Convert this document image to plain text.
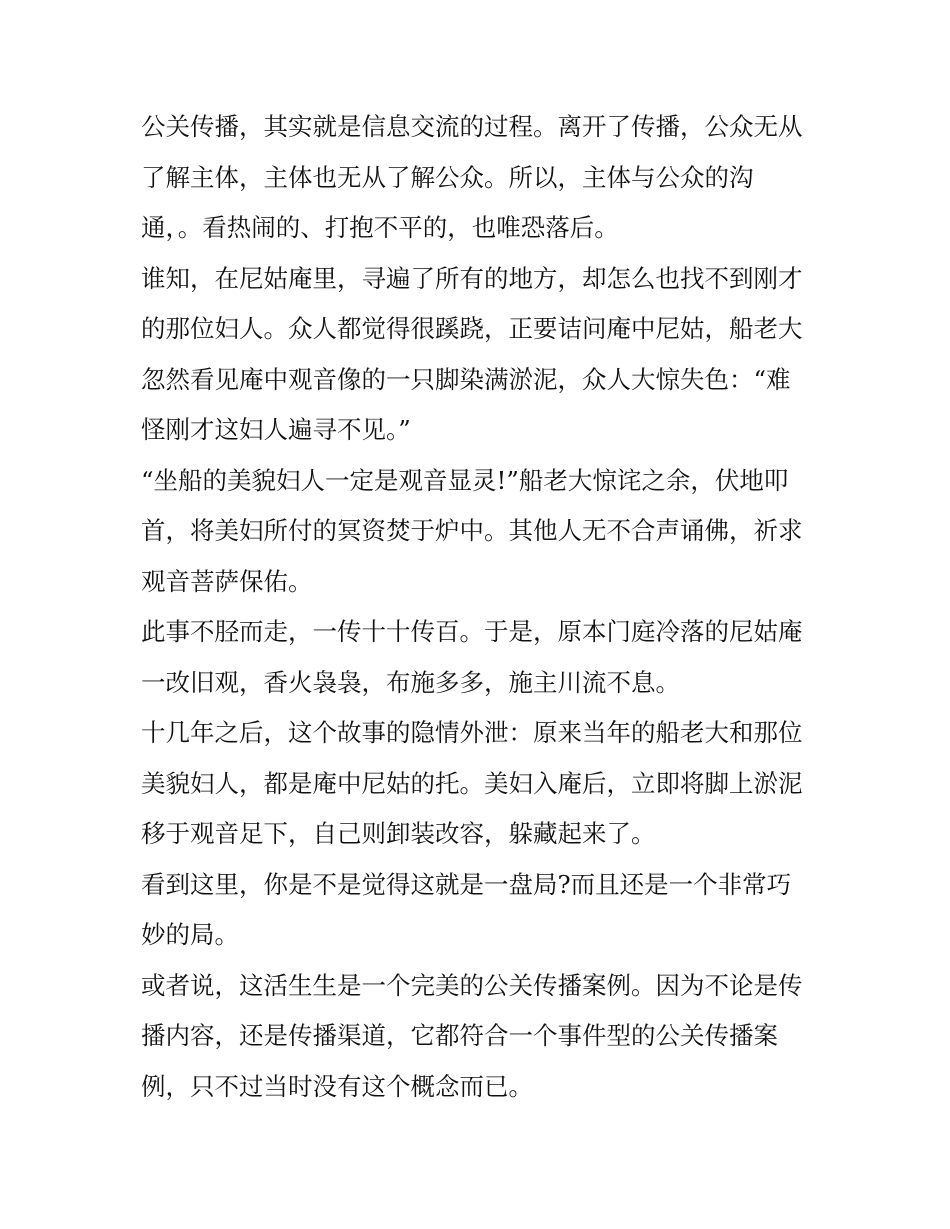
公关传播，其实就是信息交流的过程。离开了传播，公众无从
了解主体，主体也无从了解公众。所以，主体与公众的沟
通，。看热闹的、打抱不平的，也唯恐落后。

谁知，在尼姑庵里，寻遍了所有的地方，却怎么也找不到刚才
的那位妇人。众人都觉得很蹊跷，正要诘问庵中尼姑，船老大
忽然看见庵中观音像的一只脚染满淤泥，众人大惊失色：“难
怪刚才这妇人遍寻不见。”

“坐船的美貌妇人一定是观音显灵!”船老大惊诧之余，伏地叩
首，将美妇所付的冥资焚于炉中。其他人无不合声诵佛，祈求
观音菩萨保佑。

此事不胫而走，一传十十传百。于是，原本门庭冷落的尼姑庵
一改旧观，香火袅袅，布施多多，施主川流不息。

十几年之后，这个故事的隐情外泄：原来当年的船老大和那位
美貌妇人，都是庵中尼姑的托。美妇入庵后，立即将脚上淤泥
移于观音足下，自己则卸装改容，躲藏起来了。

看到这里，你是不是觉得这就是一盘局?而且还是一个非常巧
妙的局。

或者说，这活生生是一个完美的公关传播案例。因为不论是传
播内容，还是传播渠道，它都符合一个事件型的公关传播案
例，只不过当时没有这个概念而已。
